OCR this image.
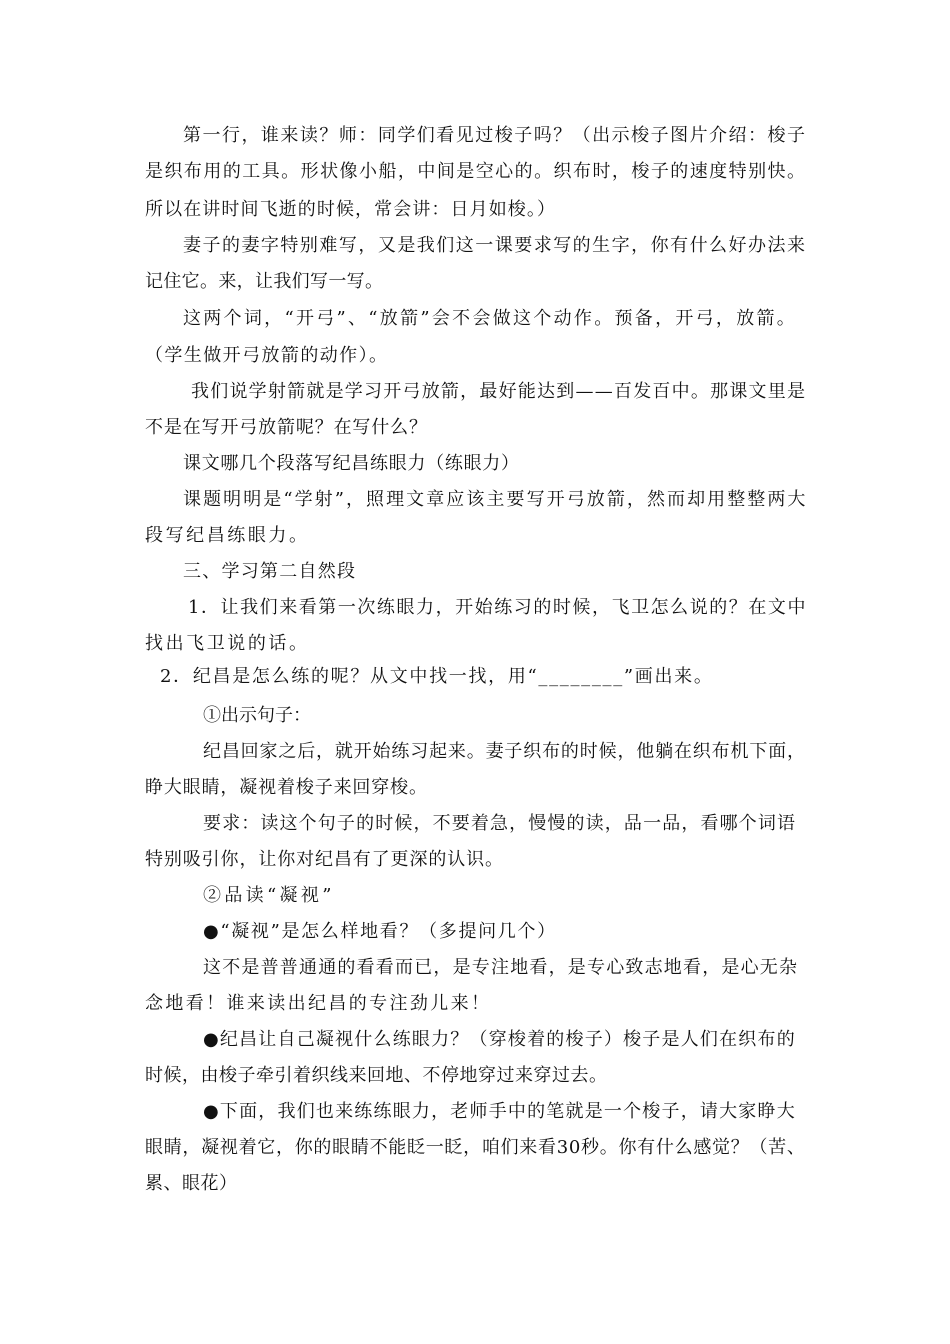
第一行，谁来读？师：同学们看见过梭子吗？（出示梭子图片介绍：梭子
是织布用的工具。形状像小船，中间是空心的。织布时，梭子的速度特别快。
所以在讲时间飞逝的时候，常会讲：日月如梭。）
妻子的妻字特别难写，又是我们这一课要求写的生字，你有什么好办法来
记住它。来，让我们写一写。
这两个词，“开弓”、“放箭”会不会做这个动作。预备，开弓，放箭。
（学生做开弓放箭的动作）。
我们说学射箭就是学习开弓放箭，最好能达到——百发百中。那课文里是
不是在写开弓放箭呢？在写什么？
课文哪几个段落写纪昌练眼力（练眼力）
课题明明是“学射”，照理文章应该主要写开弓放箭，然而却用整整两大
段写纪昌练眼力。
三、学习第二自然段
1．让我们来看第一次练眼力，开始练习的时候，飞卫怎么说的？在文中
找出飞卫说的话。
2．纪昌是怎么练的呢？从文中找一找，用“________”画出来。
①出示句子：
纪昌回家之后，就开始练习起来。妻子织布的时候，他躺在织布机下面，
睁大眼睛，凝视着梭子来回穿梭。
要求：读这个句子的时候，不要着急，慢慢的读，品一品，看哪个词语
特别吸引你，让你对纪昌有了更深的认识。
②品读“凝视”
●“凝视”是怎么样地看？（多提问几个）
这不是普普通通的看看而已，是专注地看，是专心致志地看，是心无杂
念地看！谁来读出纪昌的专注劲儿来！
●纪昌让自己凝视什么练眼力？（穿梭着的梭子）梭子是人们在织布的
时候，由梭子牵引着织线来回地、不停地穿过来穿过去。
●下面，我们也来练练眼力，老师手中的笔就是一个梭子，请大家睁大
眼睛，凝视着它，你的眼睛不能眨一眨，咱们来看30秒。你有什么感觉？（苦、
累、眼花）
